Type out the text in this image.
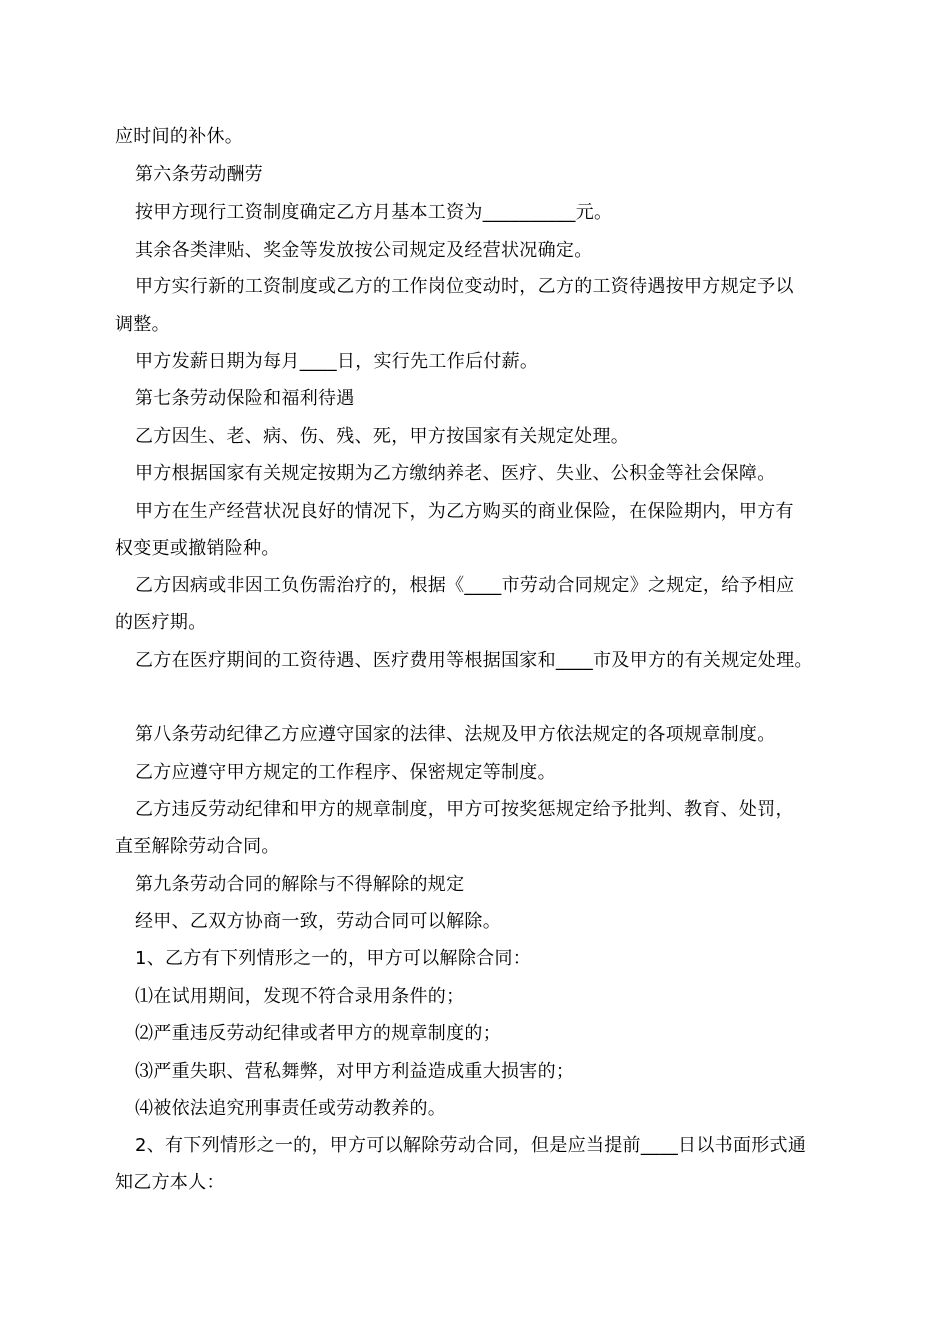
应时间的补休。
第六条劳动酬劳
按甲方现行工资制度确定乙方月基本工资为__________元。
其余各类津贴、奖金等发放按公司规定及经营状况确定。
甲方实行新的工资制度或乙方的工作岗位变动时，乙方的工资待遇按甲方规定予以
调整。
甲方发薪日期为每月____日，实行先工作后付薪。
第七条劳动保险和福利待遇
乙方因生、老、病、伤、残、死，甲方按国家有关规定处理。
甲方根据国家有关规定按期为乙方缴纳养老、医疗、失业、公积金等社会保障。
甲方在生产经营状况良好的情况下，为乙方购买的商业保险，在保险期内，甲方有
权变更或撤销险种。
乙方因病或非因工负伤需治疗的，根据《____市劳动合同规定》之规定，给予相应
的医疗期。
乙方在医疗期间的工资待遇、医疗费用等根据国家和____市及甲方的有关规定处理。
第八条劳动纪律乙方应遵守国家的法律、法规及甲方依法规定的各项规章制度。
乙方应遵守甲方规定的工作程序、保密规定等制度。
乙方违反劳动纪律和甲方的规章制度，甲方可按奖惩规定给予批判、教育、处罚，
直至解除劳动合同。
第九条劳动合同的解除与不得解除的规定
经甲、乙双方协商一致，劳动合同可以解除。
1、乙方有下列情形之一的，甲方可以解除合同：
⑴在试用期间，发现不符合录用条件的；
⑵严重违反劳动纪律或者甲方的规章制度的；
⑶严重失职、营私舞弊，对甲方利益造成重大损害的；
⑷被依法追究刑事责任或劳动教养的。
2、有下列情形之一的，甲方可以解除劳动合同，但是应当提前____日以书面形式通
知乙方本人：
